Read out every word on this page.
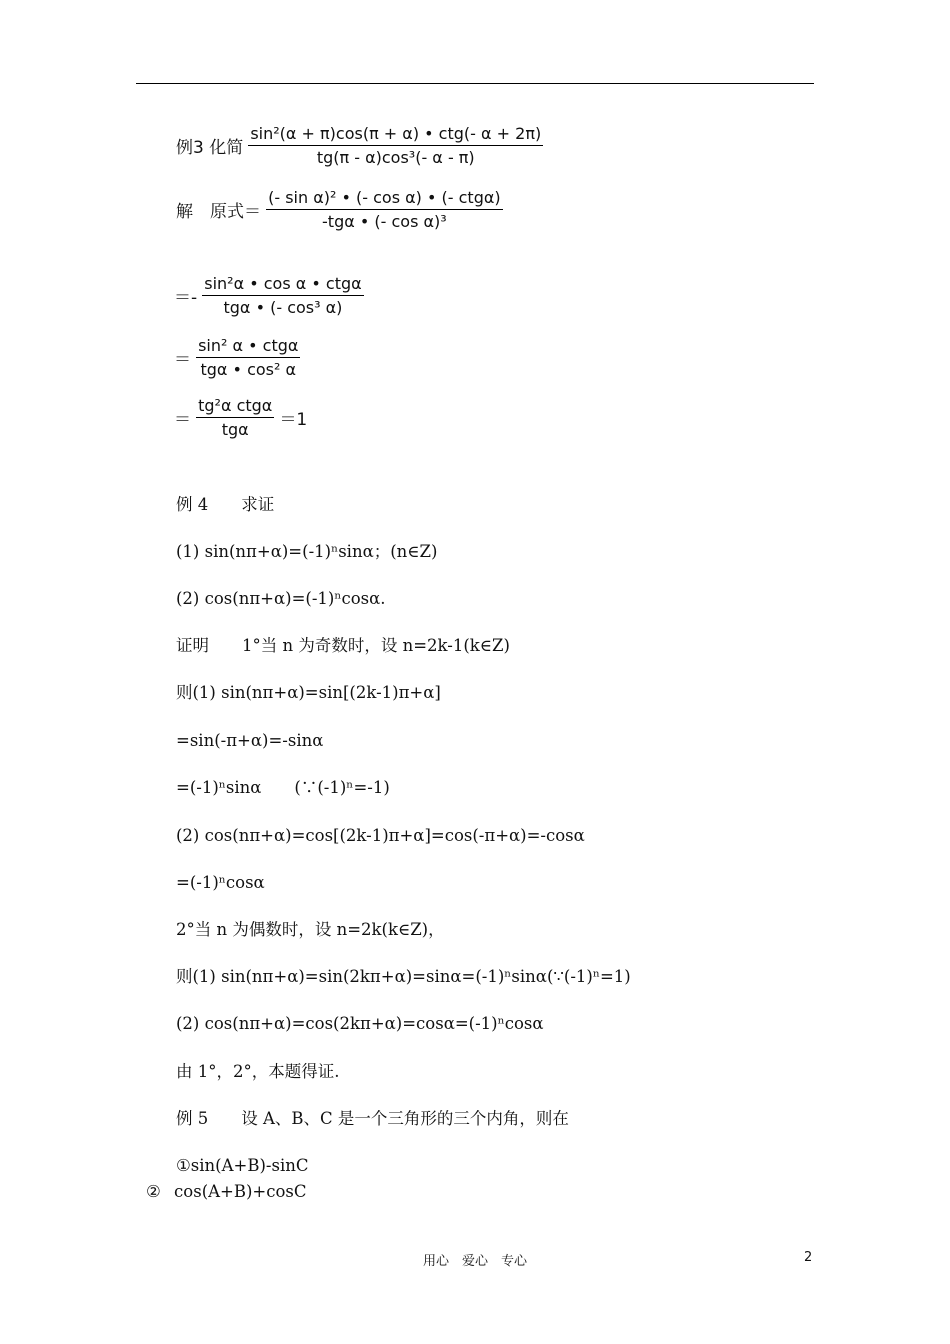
例3 化简 $\frac{\text{sin²(α + π)cos(π + α) • ctg(- α + 2π)}}{\text{tg(π - α)cos³(- α - π)}}$
解　原式＝ $\frac{\text{(- sin α)² • (- cos α) • (- ctgα)}}{\text{-tgα • (- cos α)³}}$
＝- $\frac{\text{sin²α • cos α • ctgα}}{\text{tgα • (- cos³ α)}}$
＝ $\frac{\text{sin² α • ctgα}}{\text{tgα • cos² α}}$
＝ $\frac{\text{tg²α ctgα}}{\text{tgα}} =1$
例 4　　求证
(1) sin(nπ+α)=(-1)ⁿsinα；(n∈Z)
(2) cos(nπ+α)=(-1)ⁿcosα.
证明　　1°当 n 为奇数时，设 n=2k-1(k∈Z)
则(1) sin(nπ+α)=sin[(2k-1)π+α]
=sin(-π+α)=-sinα
=(-1)ⁿsinα　　(∵(-1)ⁿ=-1)
(2) cos(nπ+α)=cos[(2k-1)π+α]=cos(-π+α)=-cosα
=(-1)ⁿcosα
2°当 n 为偶数时，设 n=2k(k∈Z)，
则(1) sin(nπ+α)=sin(2kπ+α)=sinα=(-1)ⁿsinα(∵(-1)ⁿ=1)
(2) cos(nπ+α)=cos(2kπ+α)=cosα=(-1)ⁿcosα
由 1°，2°，本题得证.
例 5　　设 A、B、C 是一个三角形的三个内角，则在
①sin(A+B)-sinC
② cos(A+B)+cosC
用心　爱心　专心	2
